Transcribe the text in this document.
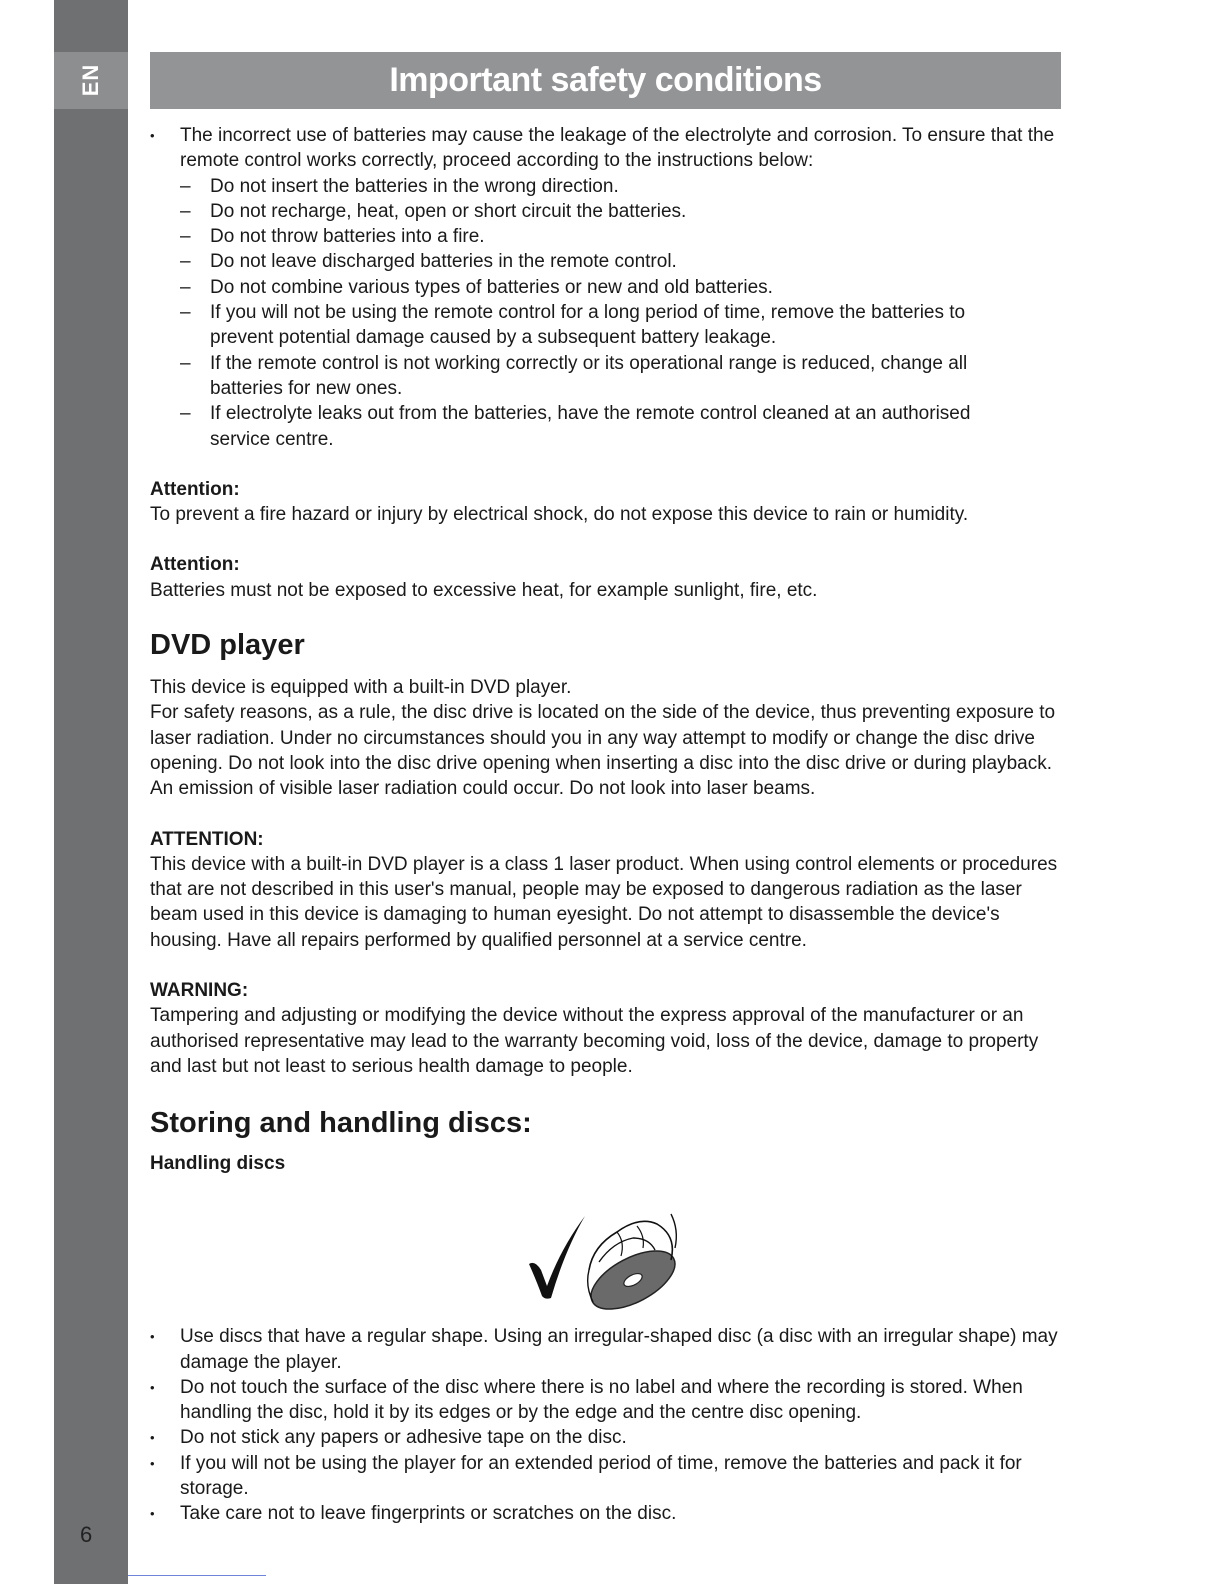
EN
6
Important safety conditions
• The incorrect use of batteries may cause the leakage of the electrolyte and corrosion. To ensure that the remote control works correctly, proceed according to the instructions below:
– Do not insert the batteries in the wrong direction.
– Do not recharge, heat, open or short circuit the batteries.
– Do not throw batteries into a fire.
– Do not leave discharged batteries in the remote control.
– Do not combine various types of batteries or new and old batteries.
– If you will not be using the remote control for a long period of time, remove the batteries to prevent potential damage caused by a subsequent battery leakage.
– If the remote control is not working correctly or its operational range is reduced, change all batteries for new ones.
– If electrolyte leaks out from the batteries, have the remote control cleaned at an authorised service centre.

Attention:

To prevent a fire hazard or injury by electrical shock, do not expose this device to rain or humidity.

Attention:

Batteries must not be exposed to excessive heat, for example sunlight, fire, etc.

DVD player

This device is equipped with a built-in DVD player.

For safety reasons, as a rule, the disc drive is located on the side of the device, thus preventing exposure to laser radiation. Under no circumstances should you in any way attempt to modify or change the disc drive opening. Do not look into the disc drive opening when inserting a disc into the disc drive or during playback. An emission of visible laser radiation could occur. Do not look into laser beams.

ATTENTION:

This device with a built-in DVD player is a class 1 laser product. When using control elements or procedures that are not described in this user's manual, people may be exposed to dangerous radiation as the laser beam used in this device is damaging to human eyesight. Do not attempt to disassemble the device's housing. Have all repairs performed by qualified personnel at a service centre.

WARNING:

Tampering and adjusting or modifying the device without the express approval of the manufacturer or an authorised representative may lead to the warranty becoming void, loss of the device, damage to property and last but not least to serious health damage to people.

Storing and handling discs:

Handling discs

• Use discs that have a regular shape. Using an irregular-shaped disc (a disc with an irregular shape) may damage the player.
• Do not touch the surface of the disc where there is no label and where the recording is stored. When handling the disc, hold it by its edges or by the edge and the centre disc opening.
• Do not stick any papers or adhesive tape on the disc.
• If you will not be using the player for an extended period of time, remove the batteries and pack it for storage.
• Take care not to leave fingerprints or scratches on the disc.
